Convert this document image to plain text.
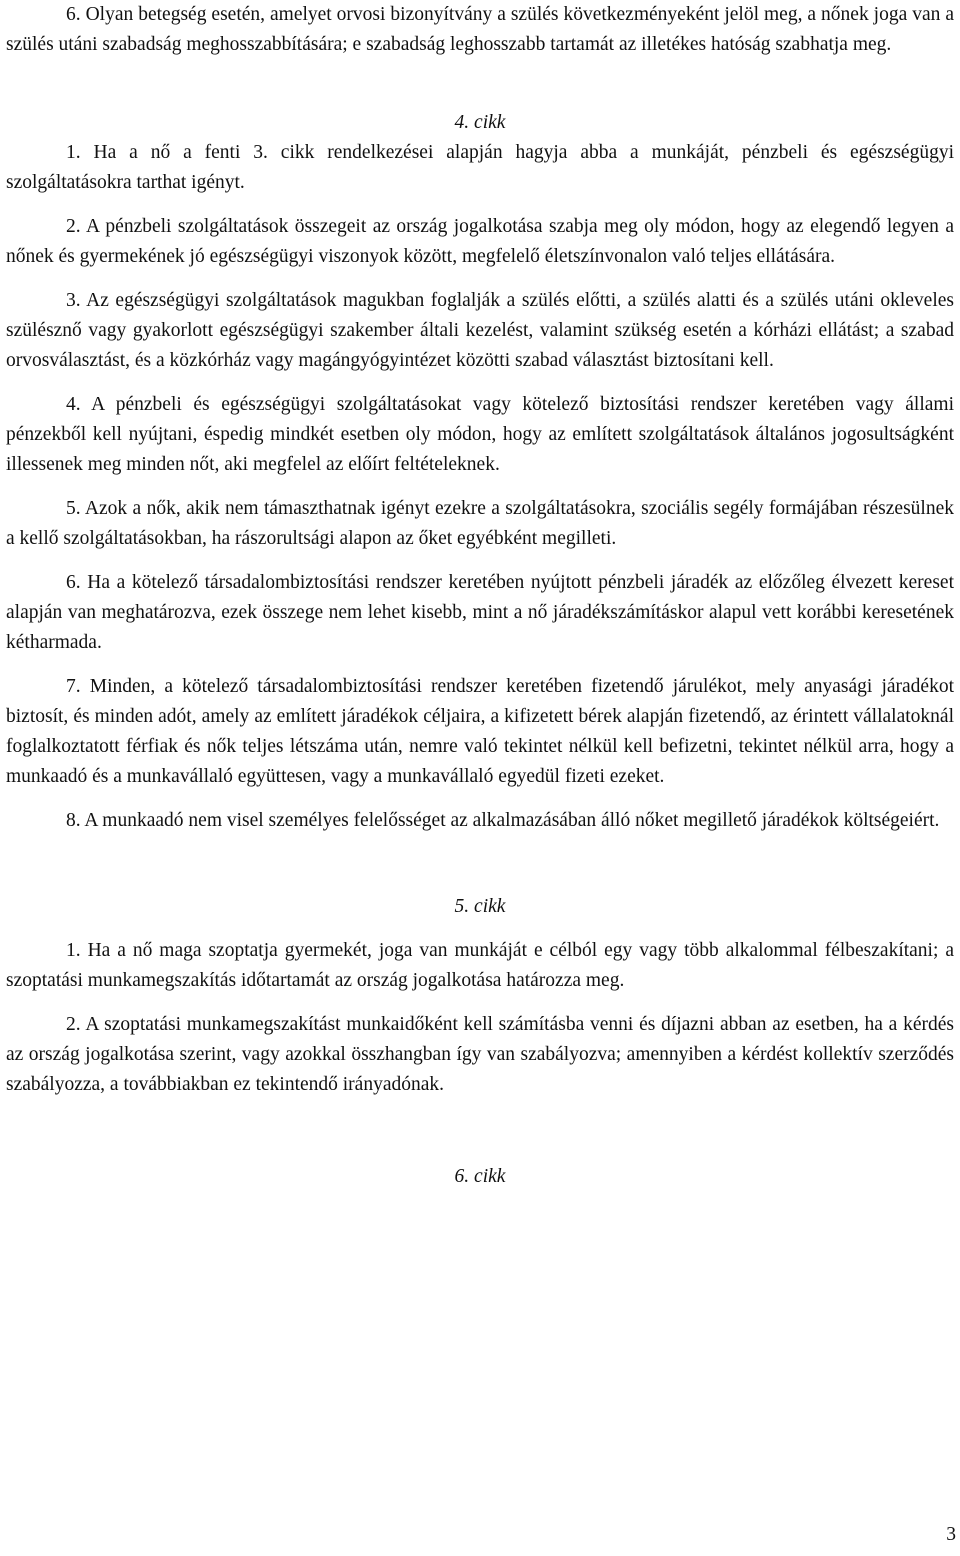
6. Olyan betegség esetén, amelyet orvosi bizonyítvány a szülés következményeként jelöl meg, a nőnek joga van a szülés utáni szabadság meghosszabbítására; e szabadság leghosszabb tartamát az illetékes hatóság szabhatja meg.

4. cikk

1. Ha a nő a fenti 3. cikk rendelkezései alapján hagyja abba a munkáját, pénzbeli és egészségügyi szolgáltatásokra tarthat igényt.

2. A pénzbeli szolgáltatások összegeit az ország jogalkotása szabja meg oly módon, hogy az elegendő legyen a nőnek és gyermekének jó egészségügyi viszonyok között, megfelelő életszínvonalon való teljes ellátására.

3. Az egészségügyi szolgáltatások magukban foglalják a szülés előtti, a szülés alatti és a szülés utáni okleveles szülésznő vagy gyakorlott egészségügyi szakember általi kezelést, valamint szükség esetén a kórházi ellátást; a szabad orvosválasztást, és a közkórház vagy magángyógyintézet közötti szabad választást biztosítani kell.

4. A pénzbeli és egészségügyi szolgáltatásokat vagy kötelező biztosítási rendszer keretében vagy állami pénzekből kell nyújtani, éspedig mindkét esetben oly módon, hogy az említett szolgáltatások általános jogosultságként illessenek meg minden nőt, aki megfelel az előírt feltételeknek.

5. Azok a nők, akik nem támaszthatnak igényt ezekre a szolgáltatásokra, szociális segély formájában részesülnek a kellő szolgáltatásokban, ha rászorultsági alapon az őket egyébként megilleti.

6. Ha a kötelező társadalombiztosítási rendszer keretében nyújtott pénzbeli járadék az előzőleg élvezett kereset alapján van meghatározva, ezek összege nem lehet kisebb, mint a nő járadékszámításkor alapul vett korábbi keresetének kétharmada.

7. Minden, a kötelező társadalombiztosítási rendszer keretében fizetendő járulékot, mely anyasági járadékot biztosít, és minden adót, amely az említett járadékok céljaira, a kifizetett bérek alapján fizetendő, az érintett vállalatoknál foglalkoztatott férfiak és nők teljes létszáma után, nemre való tekintet nélkül kell befizetni, tekintet nélkül arra, hogy a munkaadó és a munkavállaló együttesen, vagy a munkavállaló egyedül fizeti ezeket.

8. A munkaadó nem visel személyes felelősséget az alkalmazásában álló nőket megillető járadékok költségeiért.

5. cikk

1. Ha a nő maga szoptatja gyermekét, joga van munkáját e célból egy vagy több alkalommal félbeszakítani; a szoptatási munkamegszakítás időtartamát az ország jogalkotása határozza meg.

2. A szoptatási munkamegszakítást munkaidőként kell számításba venni és díjazni abban az esetben, ha a kérdés az ország jogalkotása szerint, vagy azokkal összhangban így van szabályozva; amennyiben a kérdést kollektív szerződés szabályozza, a továbbiakban ez tekintendő irányadónak.

6. cikk
3
